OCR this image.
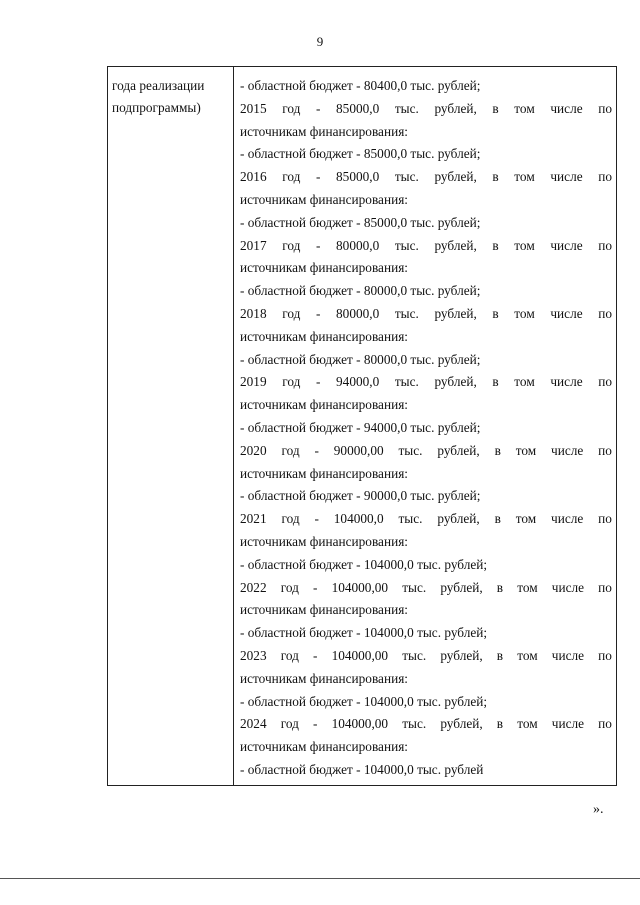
9
года реализации
подпрограммы)
- областной бюджет - 80400,0 тыс. рублей;
2015 год - 85000,0 тыс. рублей, в том числе по
источникам финансирования:
- областной бюджет - 85000,0 тыс. рублей;
2016 год - 85000,0 тыс. рублей, в том числе по
источникам финансирования:
- областной бюджет - 85000,0 тыс. рублей;
2017 год - 80000,0 тыс. рублей, в том числе по
источникам финансирования:
- областной бюджет - 80000,0 тыс. рублей;
2018 год - 80000,0 тыс. рублей, в том числе по
источникам финансирования:
- областной бюджет - 80000,0 тыс. рублей;
2019 год - 94000,0 тыс. рублей, в том числе по
источникам финансирования:
- областной бюджет - 94000,0 тыс. рублей;
2020 год - 90000,00 тыс. рублей, в том числе по
источникам финансирования:
- областной бюджет - 90000,0 тыс. рублей;
2021 год - 104000,0 тыс. рублей, в том числе по
источникам финансирования:
- областной бюджет - 104000,0 тыс. рублей;
2022 год - 104000,00 тыс. рублей, в том числе по
источникам финансирования:
- областной бюджет - 104000,0 тыс. рублей;
2023 год - 104000,00 тыс. рублей, в том числе по
источникам финансирования:
- областной бюджет - 104000,0 тыс. рублей;
2024 год - 104000,00 тыс. рублей, в том числе по
источникам финансирования:
- областной бюджет - 104000,0 тыс. рублей
».
